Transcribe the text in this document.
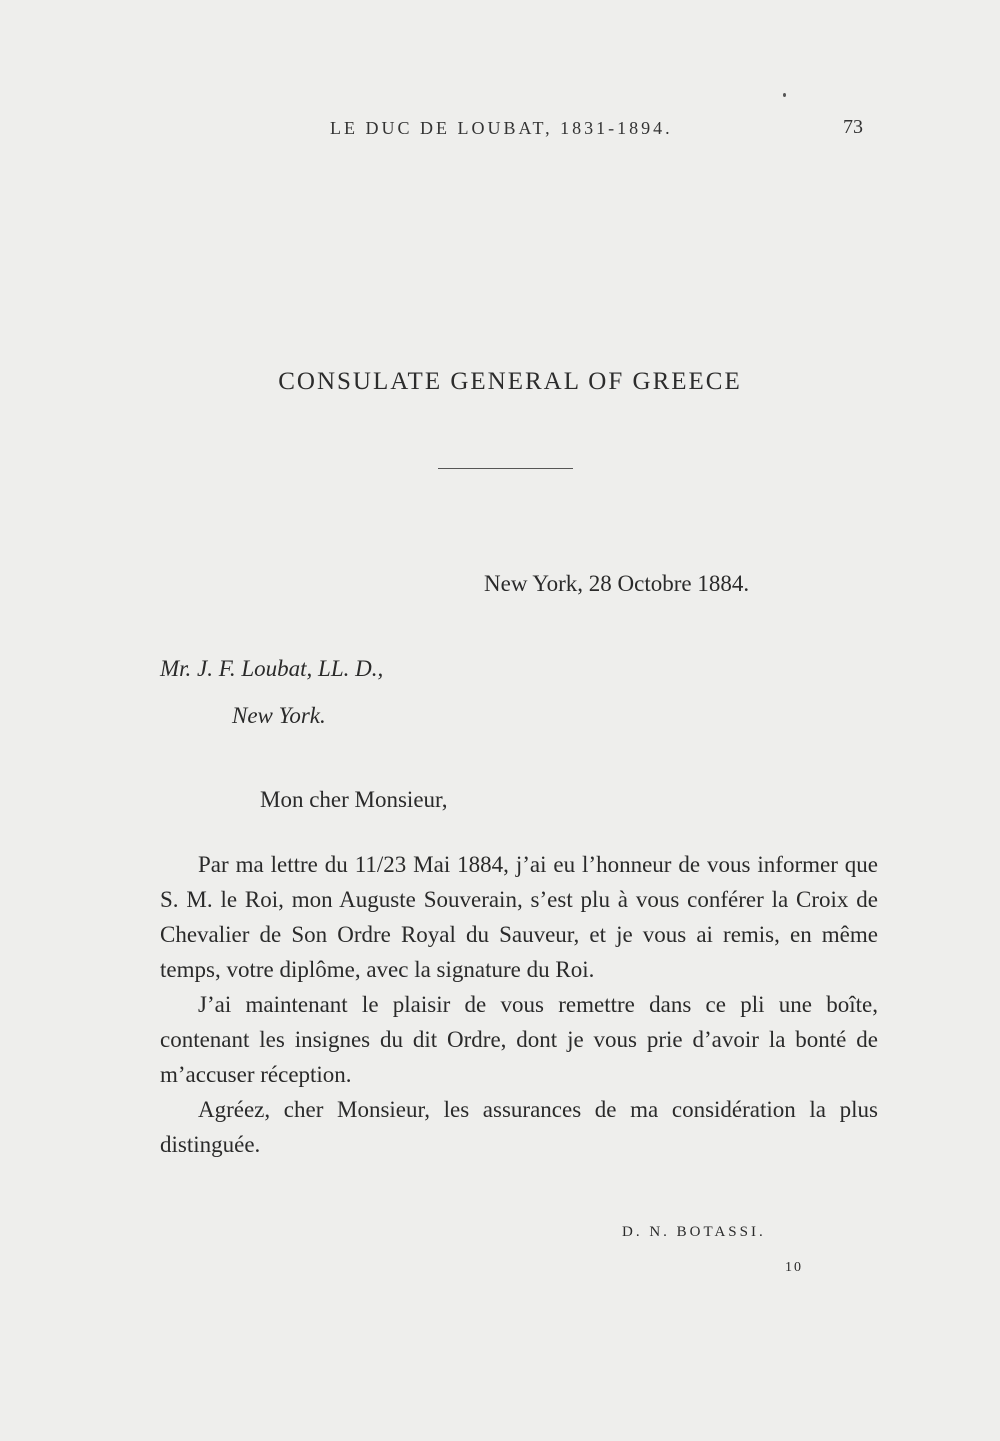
LE DUC DE LOUBAT, 1831-1894.	73
CONSULATE GENERAL OF GREECE
New York, 28 Octobre 1884.
Mr. J. F. Loubat, LL. D.,
New York.
Mon cher Monsieur,

Par ma lettre du 11/23 Mai 1884, j’ai eu l’honneur de vous informer que S. M. le Roi, mon Auguste Souverain, s’est plu à vous conférer la Croix de Chevalier de Son Ordre Royal du Sauveur, et je vous ai remis, en même temps, votre diplôme, avec la signature du Roi.

J’ai maintenant le plaisir de vous remettre dans ce pli une boîte, contenant les insignes du dit Ordre, dont je vous prie d’avoir la bonté de m’accuser réception.

Agréez, cher Monsieur, les assurances de ma considération la plus distinguée.

D. N. BOTASSI.
10
